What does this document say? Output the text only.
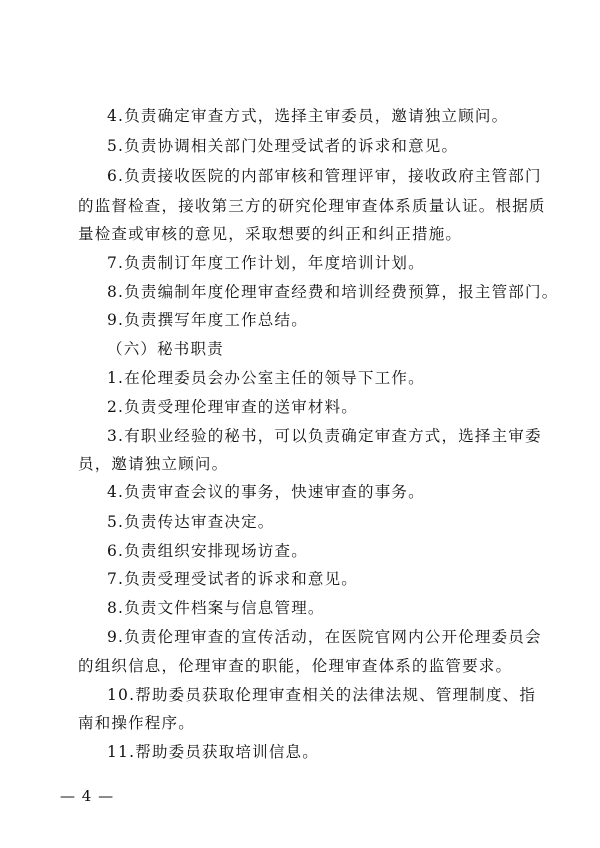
4.负责确定审查方式，选择主审委员，邀请独立顾问。
5.负责协调相关部门处理受试者的诉求和意见。
6.负责接收医院的内部审核和管理评审，接收政府主管部门
的监督检查，接收第三方的研究伦理审查体系质量认证。根据质
量检查或审核的意见，采取想要的纠正和纠正措施。
7.负责制订年度工作计划，年度培训计划。
8.负责编制年度伦理审查经费和培训经费预算，报主管部门。
9.负责撰写年度工作总结。
（六）秘书职责
1.在伦理委员会办公室主任的领导下工作。
2.负责受理伦理审查的送审材料。
3.有职业经验的秘书，可以负责确定审查方式，选择主审委
员，邀请独立顾问。
4.负责审查会议的事务，快速审查的事务。
5.负责传达审查决定。
6.负责组织安排现场访查。
7.负责受理受试者的诉求和意见。
8.负责文件档案与信息管理。
9.负责伦理审查的宣传活动，在医院官网内公开伦理委员会
的组织信息，伦理审查的职能，伦理审查体系的监管要求。
10.帮助委员获取伦理审查相关的法律法规、管理制度、指
南和操作程序。
11.帮助委员获取培训信息。
— 4 —
